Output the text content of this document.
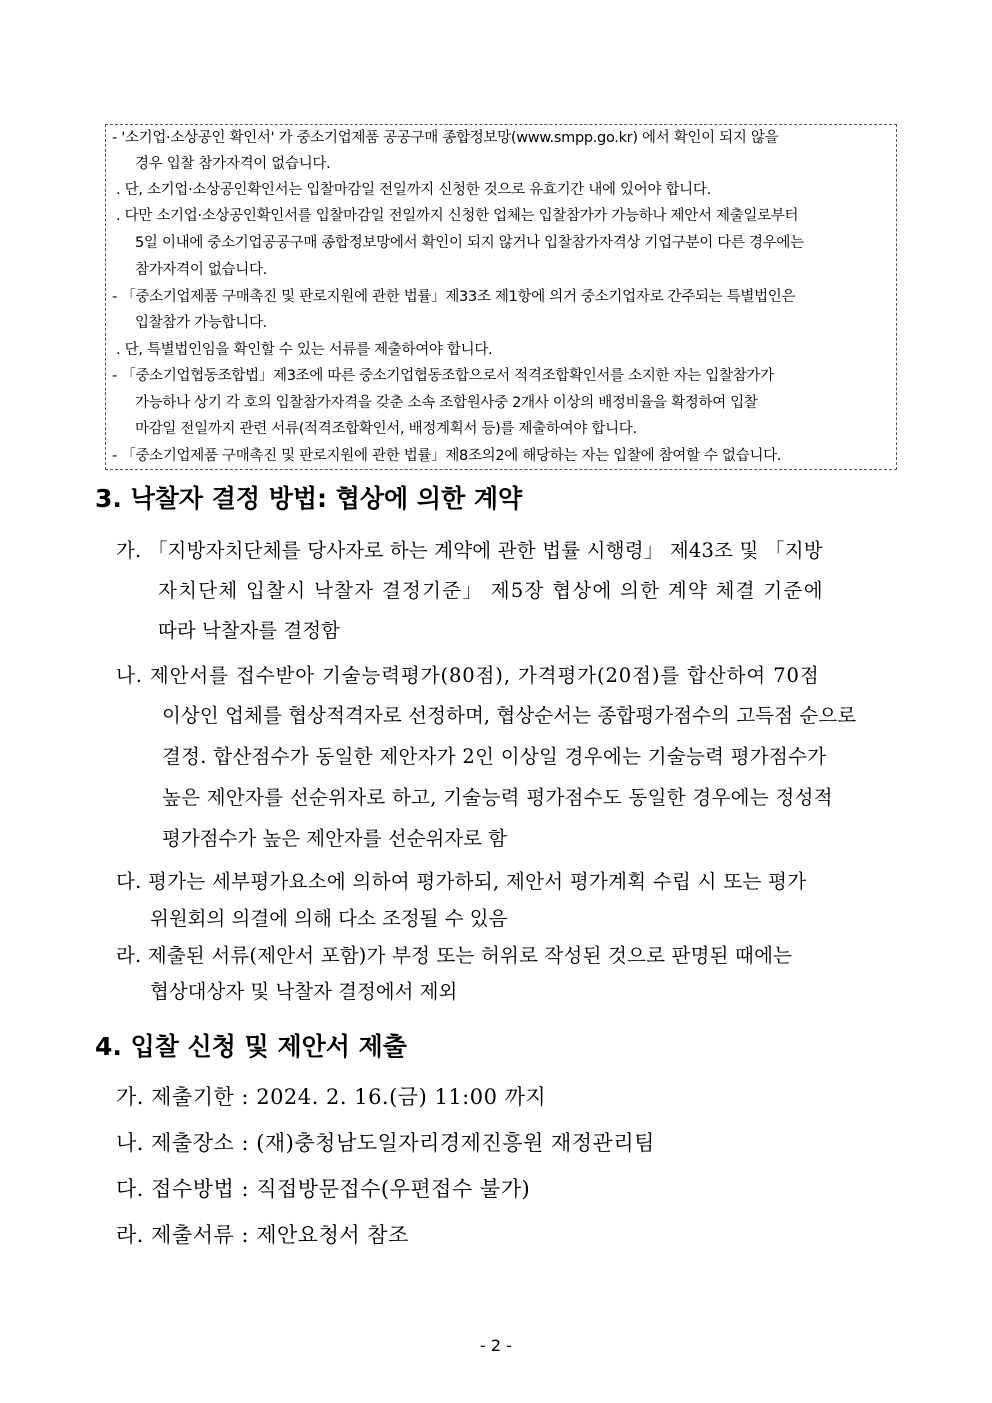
- '소기업·소상공인 확인서' 가 중소기업제품 공공구매 종합정보망(www.smpp.go.kr) 에서 확인이 되지 않을
경우 입찰 참가자격이 없습니다.
. 단, 소기업·소상공인확인서는 입찰마감일 전일까지 신청한 것으로 유효기간 내에 있어야 합니다.
. 다만 소기업·소상공인확인서를 입찰마감일 전일까지 신청한 업체는 입찰참가가 가능하나 제안서 제출일로부터
5일 이내에 중소기업공공구매 종합정보망에서 확인이 되지 않거나 입찰참가자격상 기업구분이 다른 경우에는
참가자격이 없습니다.
- 「중소기업제품 구매촉진 및 판로지원에 관한 법률」제33조 제1항에 의거 중소기업자로 간주되는 특별법인은
입찰참가 가능합니다.
. 단, 특별법인임을 확인할 수 있는 서류를 제출하여야 합니다.
- 「중소기업협동조합법」제3조에 따른 중소기업협동조합으로서 적격조합확인서를 소지한 자는 입찰참가가
가능하나 상기 각 호의 입찰참가자격을 갖춘 소속 조합원사중 2개사 이상의 배정비율을 확정하여 입찰
마감일 전일까지 관련 서류(적격조합확인서, 배정계획서 등)를 제출하여야 합니다.
- 「중소기업제품 구매촉진 및 판로지원에 관한 법률」제8조의2에 해당하는 자는 입찰에 참여할 수 없습니다.
3. 낙찰자 결정 방법: 협상에 의한 계약
가. 「지방자치단체를 당사자로 하는 계약에 관한 법률 시행령」 제43조 및 「지방
자치단체 입찰시 낙찰자 결정기준」 제5장 협상에 의한 계약 체결 기준에
따라 낙찰자를 결정함
나. 제안서를 접수받아 기술능력평가(80점), 가격평가(20점)를 합산하여 70점
이상인 업체를 협상적격자로 선정하며, 협상순서는 종합평가점수의 고득점 순으로
결정. 합산점수가 동일한 제안자가 2인 이상일 경우에는 기술능력 평가점수가
높은 제안자를 선순위자로 하고, 기술능력 평가점수도 동일한 경우에는 정성적
평가점수가 높은 제안자를 선순위자로 함
다. 평가는 세부평가요소에 의하여 평가하되, 제안서 평가계획 수립 시 또는 평가
위원회의 의결에 의해 다소 조정될 수 있음
라. 제출된 서류(제안서 포함)가 부정 또는 허위로 작성된 것으로 판명된 때에는
협상대상자 및 낙찰자 결정에서 제외
4. 입찰 신청 및 제안서 제출
가. 제출기한 : 2024. 2. 16.(금) 11:00 까지
나. 제출장소 : (재)충청남도일자리경제진흥원 재정관리팀
다. 접수방법 : 직접방문접수(우편접수 불가)
라. 제출서류 : 제안요청서 참조
- 2 -
